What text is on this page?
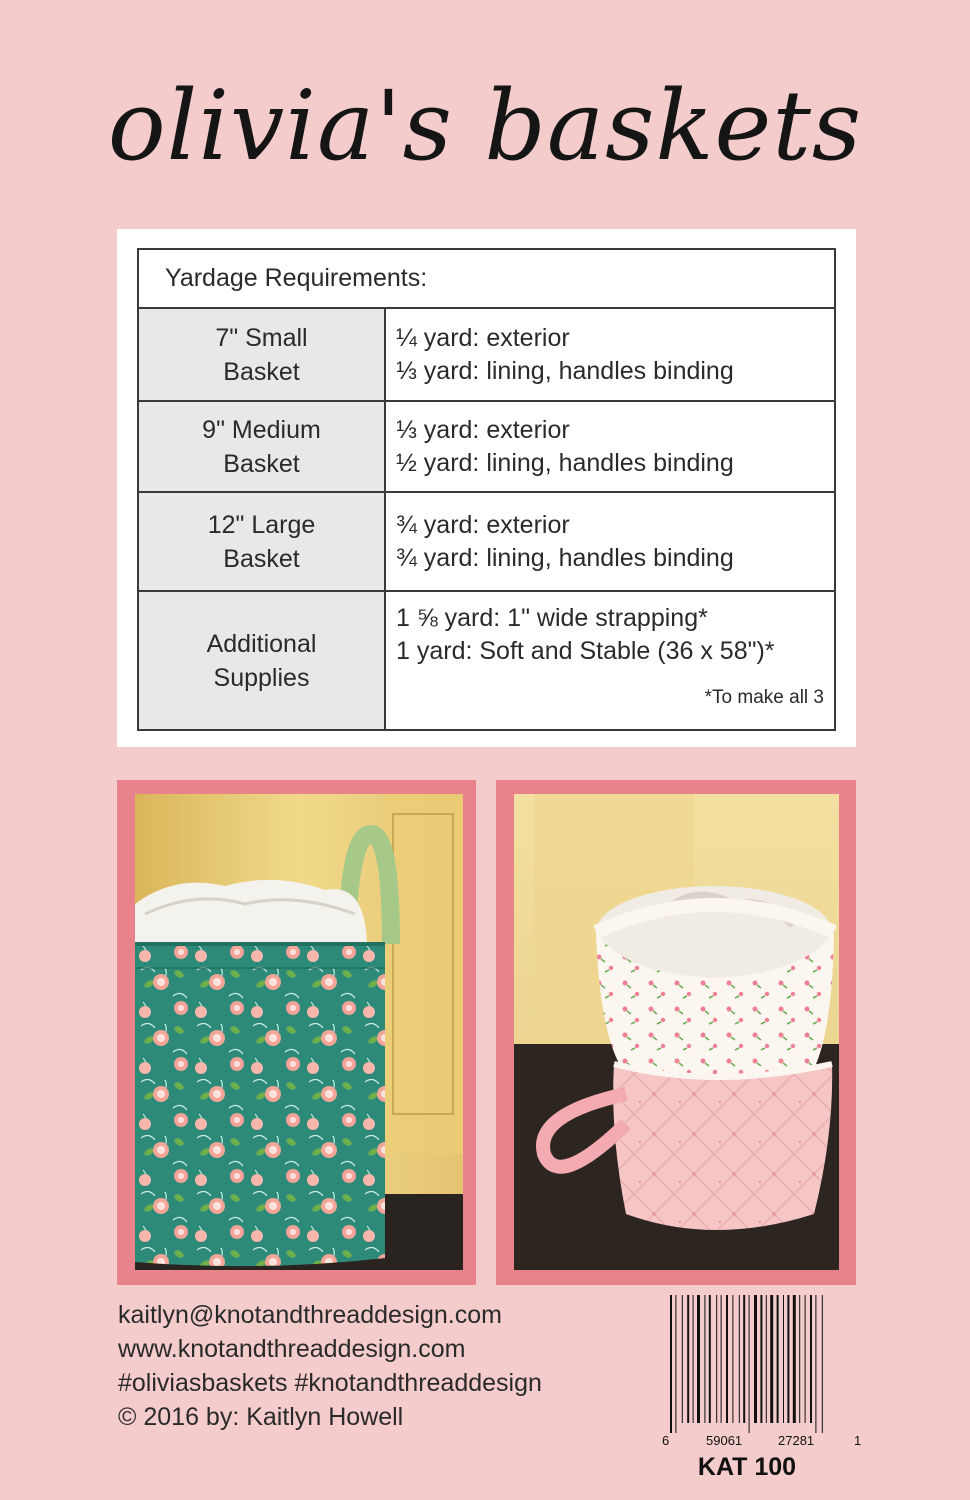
olivia's baskets
Yardage Requirements:	

7" Small
Basket	¼ yard: exterior
⅓ yard: lining, handles binding

9" Medium
Basket	⅓ yard: exterior
½ yard: lining, handles binding

12" Large
Basket	¾ yard: exterior
¾ yard: lining, handles binding

Additional
Supplies	1 ⅝ yard: 1" wide strapping*
1 yard: Soft and Stable (36 x 58")*
*To make all 3
kaitlyn@knotandthreaddesign.com
www.knotandthreaddesign.com
#oliviasbaskets #knotandthreaddesign
© 2016 by: Kaitlyn Howell
6	59061	27281	1
KAT 100
